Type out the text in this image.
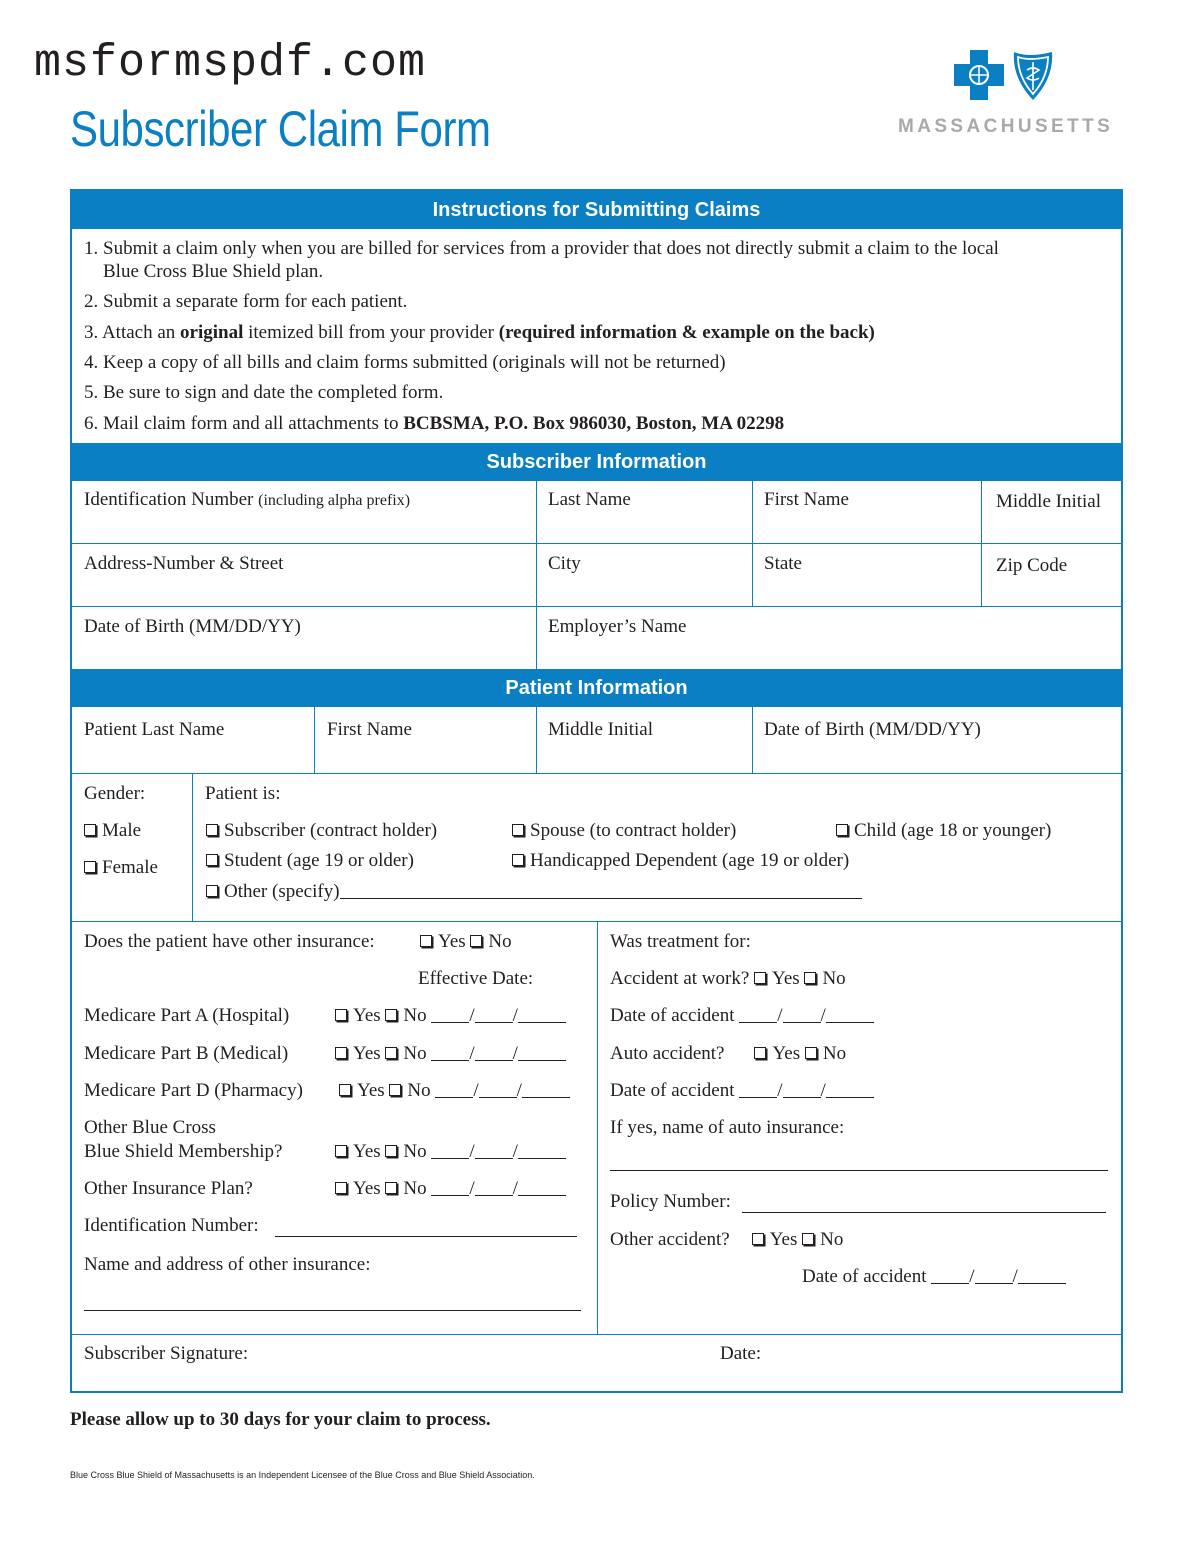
msformspdf.com
Subscriber Claim Form	MASSACHUSETTS
Instructions for Submitting Claims
1. Submit a claim only when you are billed for services from a provider that does not directly submit a claim to the local
Blue Cross Blue Shield plan.
2. Submit a separate form for each patient.
3. Attach an original itemized bill from your provider (required information & example on the back)
4. Keep a copy of all bills and claim forms submitted (originals will not be returned)
5. Be sure to sign and date the completed form.
6. Mail claim form and all attachments to BCBSMA, P.O. Box 986030, Boston, MA 02298
Subscriber Information
Identification Number (including alpha prefix)	Last Name	First Name	Middle Initial
Address-Number & Street	City	State	Zip Code
Date of Birth (MM/DD/YY)	Employer’s Name
Patient Information
Patient Last Name	First Name	Middle Initial	Date of Birth (MM/DD/YY)
Gender:
Male
Female
Patient is:
Subscriber (contract holder)	Spouse (to contract holder)	Child (age 18 or younger)
Student (age 19 or older)	Handicapped Dependent (age 19 or older)
Other (specify)
Does the patient have other insurance:	Yes No
Effective Date:
Medicare Part A (Hospital)	Yes No / /
Medicare Part B (Medical)	Yes No / /
Medicare Part D (Pharmacy)	Yes No / /
Other Blue Cross
Blue Shield Membership?	Yes No / /
Other Insurance Plan?	Yes No / /
Identification Number:
Name and address of other insurance:
Was treatment for:
Accident at work? Yes No
Date of accident / /
Auto accident?	Yes No
Date of accident / /
If yes, name of auto insurance:
Policy Number:
Other accident? Yes No
Date of accident / /
Subscriber Signature:	Date:
Please allow up to 30 days for your claim to process.
Blue Cross Blue Shield of Massachusetts is an Independent Licensee of the Blue Cross and Blue Shield Association.
